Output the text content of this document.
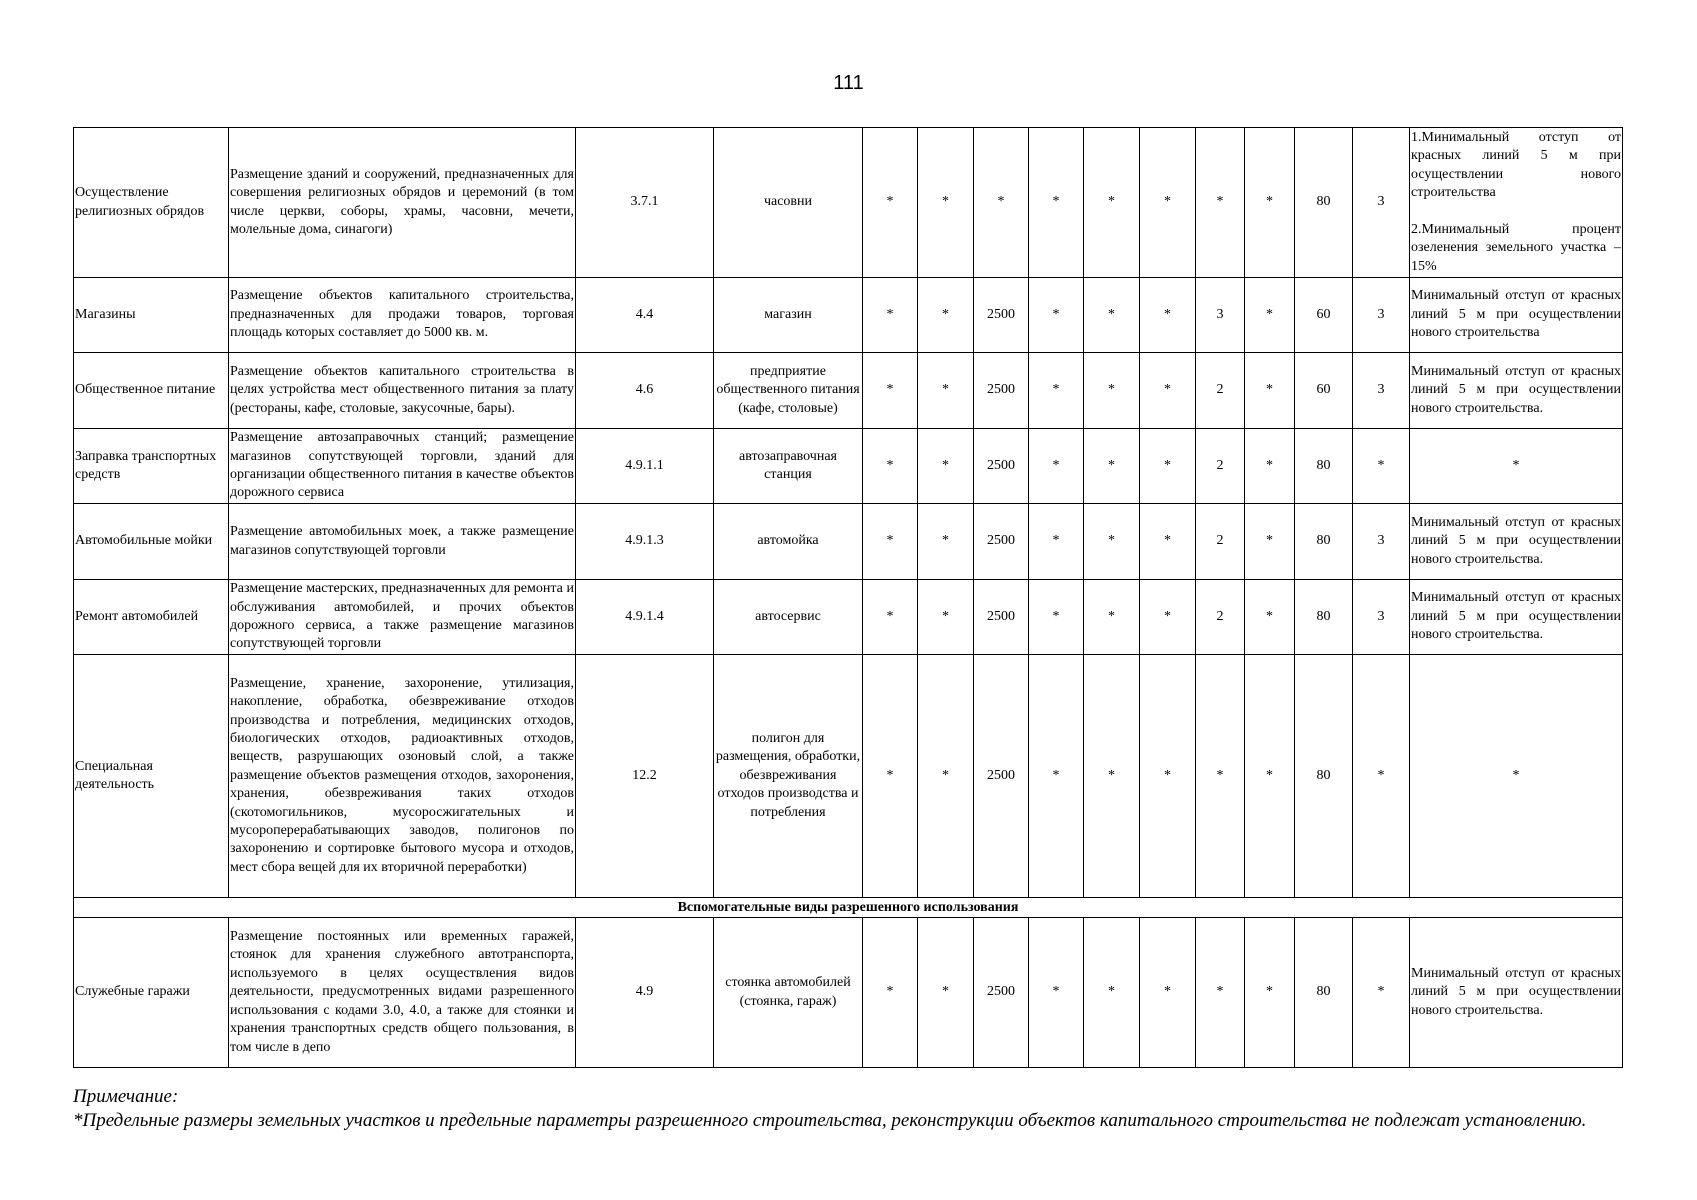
111
Осуществление религиозных обрядов	Размещение зданий и сооружений, предназначенных для совершения религиозных обрядов и церемоний (в том числе церкви, соборы, храмы, часовни, мечети, молельные дома, синагоги)	3.7.1	часовни	*	*	*	*	*	*	*	*	80	3	1.Минимальный отступ от красных линий 5 м при осуществлении нового строительства
2.Минимальный процент озеленения земельного участка – 15%

Магазины	Размещение объектов капитального строительства, предназначенных для продажи товаров, торговая площадь которых составляет до 5000 кв. м.	4.4	магазин	*	*	2500	*	*	*	3	*	60	3	Минимальный отступ от красных линий 5 м при осуществлении нового строительства
Общественное питание	Размещение объектов капитального строительства в целях устройства мест общественного питания за плату (рестораны, кафе, столовые, закусочные, бары).	4.6	предприятие общественного питания (кафе, столовые)	*	*	2500	*	*	*	2	*	60	3	Минимальный отступ от красных линий 5 м при осуществлении нового строительства.
Заправка транспортных средств	Размещение автозаправочных станций; размещение магазинов сопутствующей торговли, зданий для организации общественного питания в качестве объектов дорожного сервиса	4.9.1.1	автозаправочная станция	*	*	2500	*	*	*	2	*	80	*	*
Автомобильные мойки	Размещение автомобильных моек, а также размещение магазинов сопутствующей торговли	4.9.1.3	автомойка	*	*	2500	*	*	*	2	*	80	3	Минимальный отступ от красных линий 5 м при осуществлении нового строительства.
Ремонт автомобилей	Размещение мастерских, предназначенных для ремонта и обслуживания автомобилей, и прочих объектов дорожного сервиса, а также размещение магазинов сопутствующей торговли	4.9.1.4	автосервис	*	*	2500	*	*	*	2	*	80	3	Минимальный отступ от красных линий 5 м при осуществлении нового строительства.
Специальная деятельность	Размещение, хранение, захоронение, утилизация, накопление, обработка, обезвреживание отходов производства и потребления, медицинских отходов, биологических отходов, радиоактивных отходов, веществ, разрушающих озоновый слой, а также размещение объектов размещения отходов, захоронения, хранения, обезвреживания таких отходов (скотомогильников, мусоросжигательных и мусороперерабатывающих заводов, полигонов по захоронению и сортировке бытового мусора и отходов, мест сбора вещей для их вторичной переработки)	12.2	полигон для размещения, обработки, обезвреживания отходов производства и потребления	*	*	2500	*	*	*	*	*	80	*	*
Вспомогательные виды разрешенного использования														
Служебные гаражи	Размещение постоянных или временных гаражей, стоянок для хранения служебного автотранспорта, используемого в целях осуществления видов деятельности, предусмотренных видами разрешенного использования с кодами 3.0, 4.0, а также для стоянки и хранения транспортных средств общего пользования, в том числе в депо	4.9	стоянка автомобилей (стоянка, гараж)	*	*	2500	*	*	*	*	*	80	*	Минимальный отступ от красных линий 5 м при осуществлении нового строительства.
Примечание:
*Предельные размеры земельных участков и предельные параметры разрешенного строительства, реконструкции объектов капитального строительства не подлежат установлению.
